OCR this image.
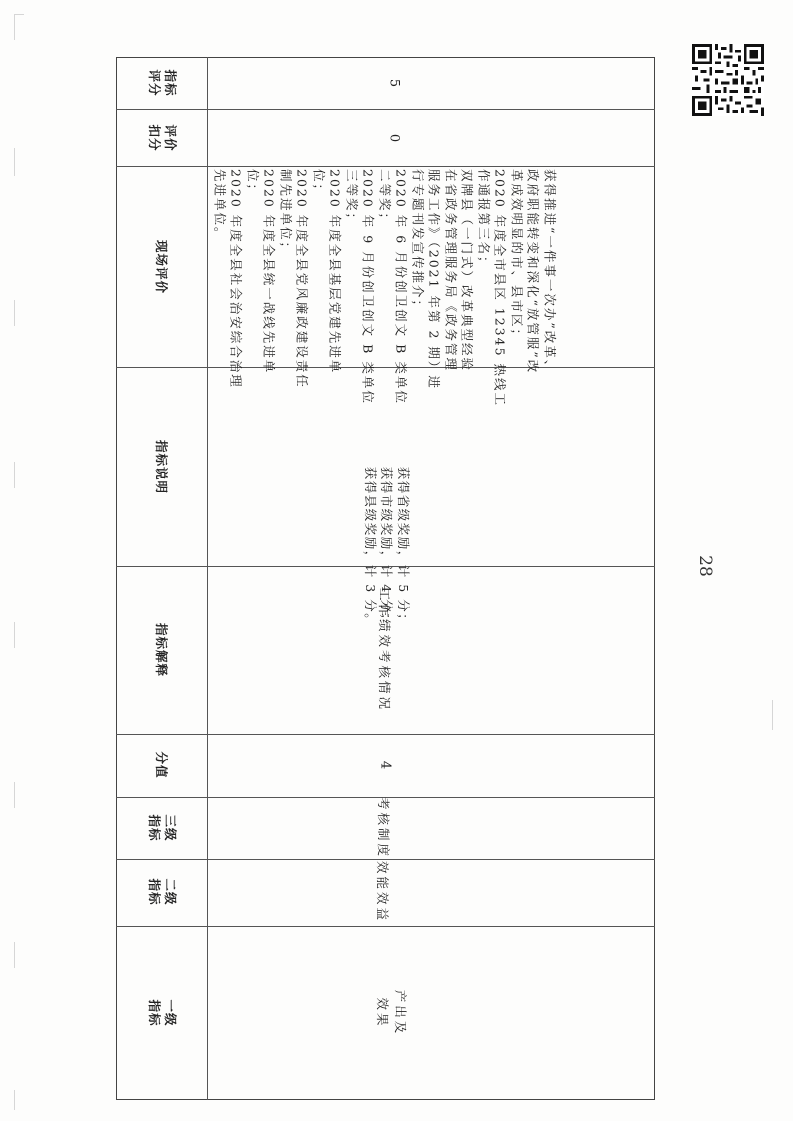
28
指标
评分
评价
扣分
现场评价
指标说明
指标解释
分值
三级
指标
二级
指标
一级
指标
5
0
获得推进“一件事一次办”改革、
政府职能转变和深化“放管服”改
革成效明显的市、县市区；
2020 年度全市县区 12345 热线工
作通报第三名；
双牌县（一门式）改革典型经验
在省政务管理服务局《政务管理
服务工作》（2021 年第 2 期）进
行专题刊发宣传推介；
2020 年 6 月份创卫创文 B 类单位
二等奖；
2020 年 9 月份创卫创文 B 类单位
三等奖；
2020 年度全县基层党建先进单
位；
2020 年度全县党风廉政建设责任
制先进单位；
2020 年度全县统一战线先进单
位；
2020 年度全县社会治安综合治理
先进单位。
获得省级奖励，计 5 分；
获得市级奖励，计 4 分；
获得县级奖励，计 3 分。
工作绩效考核情况
4
考核制度
效能效益
产出及
效果
